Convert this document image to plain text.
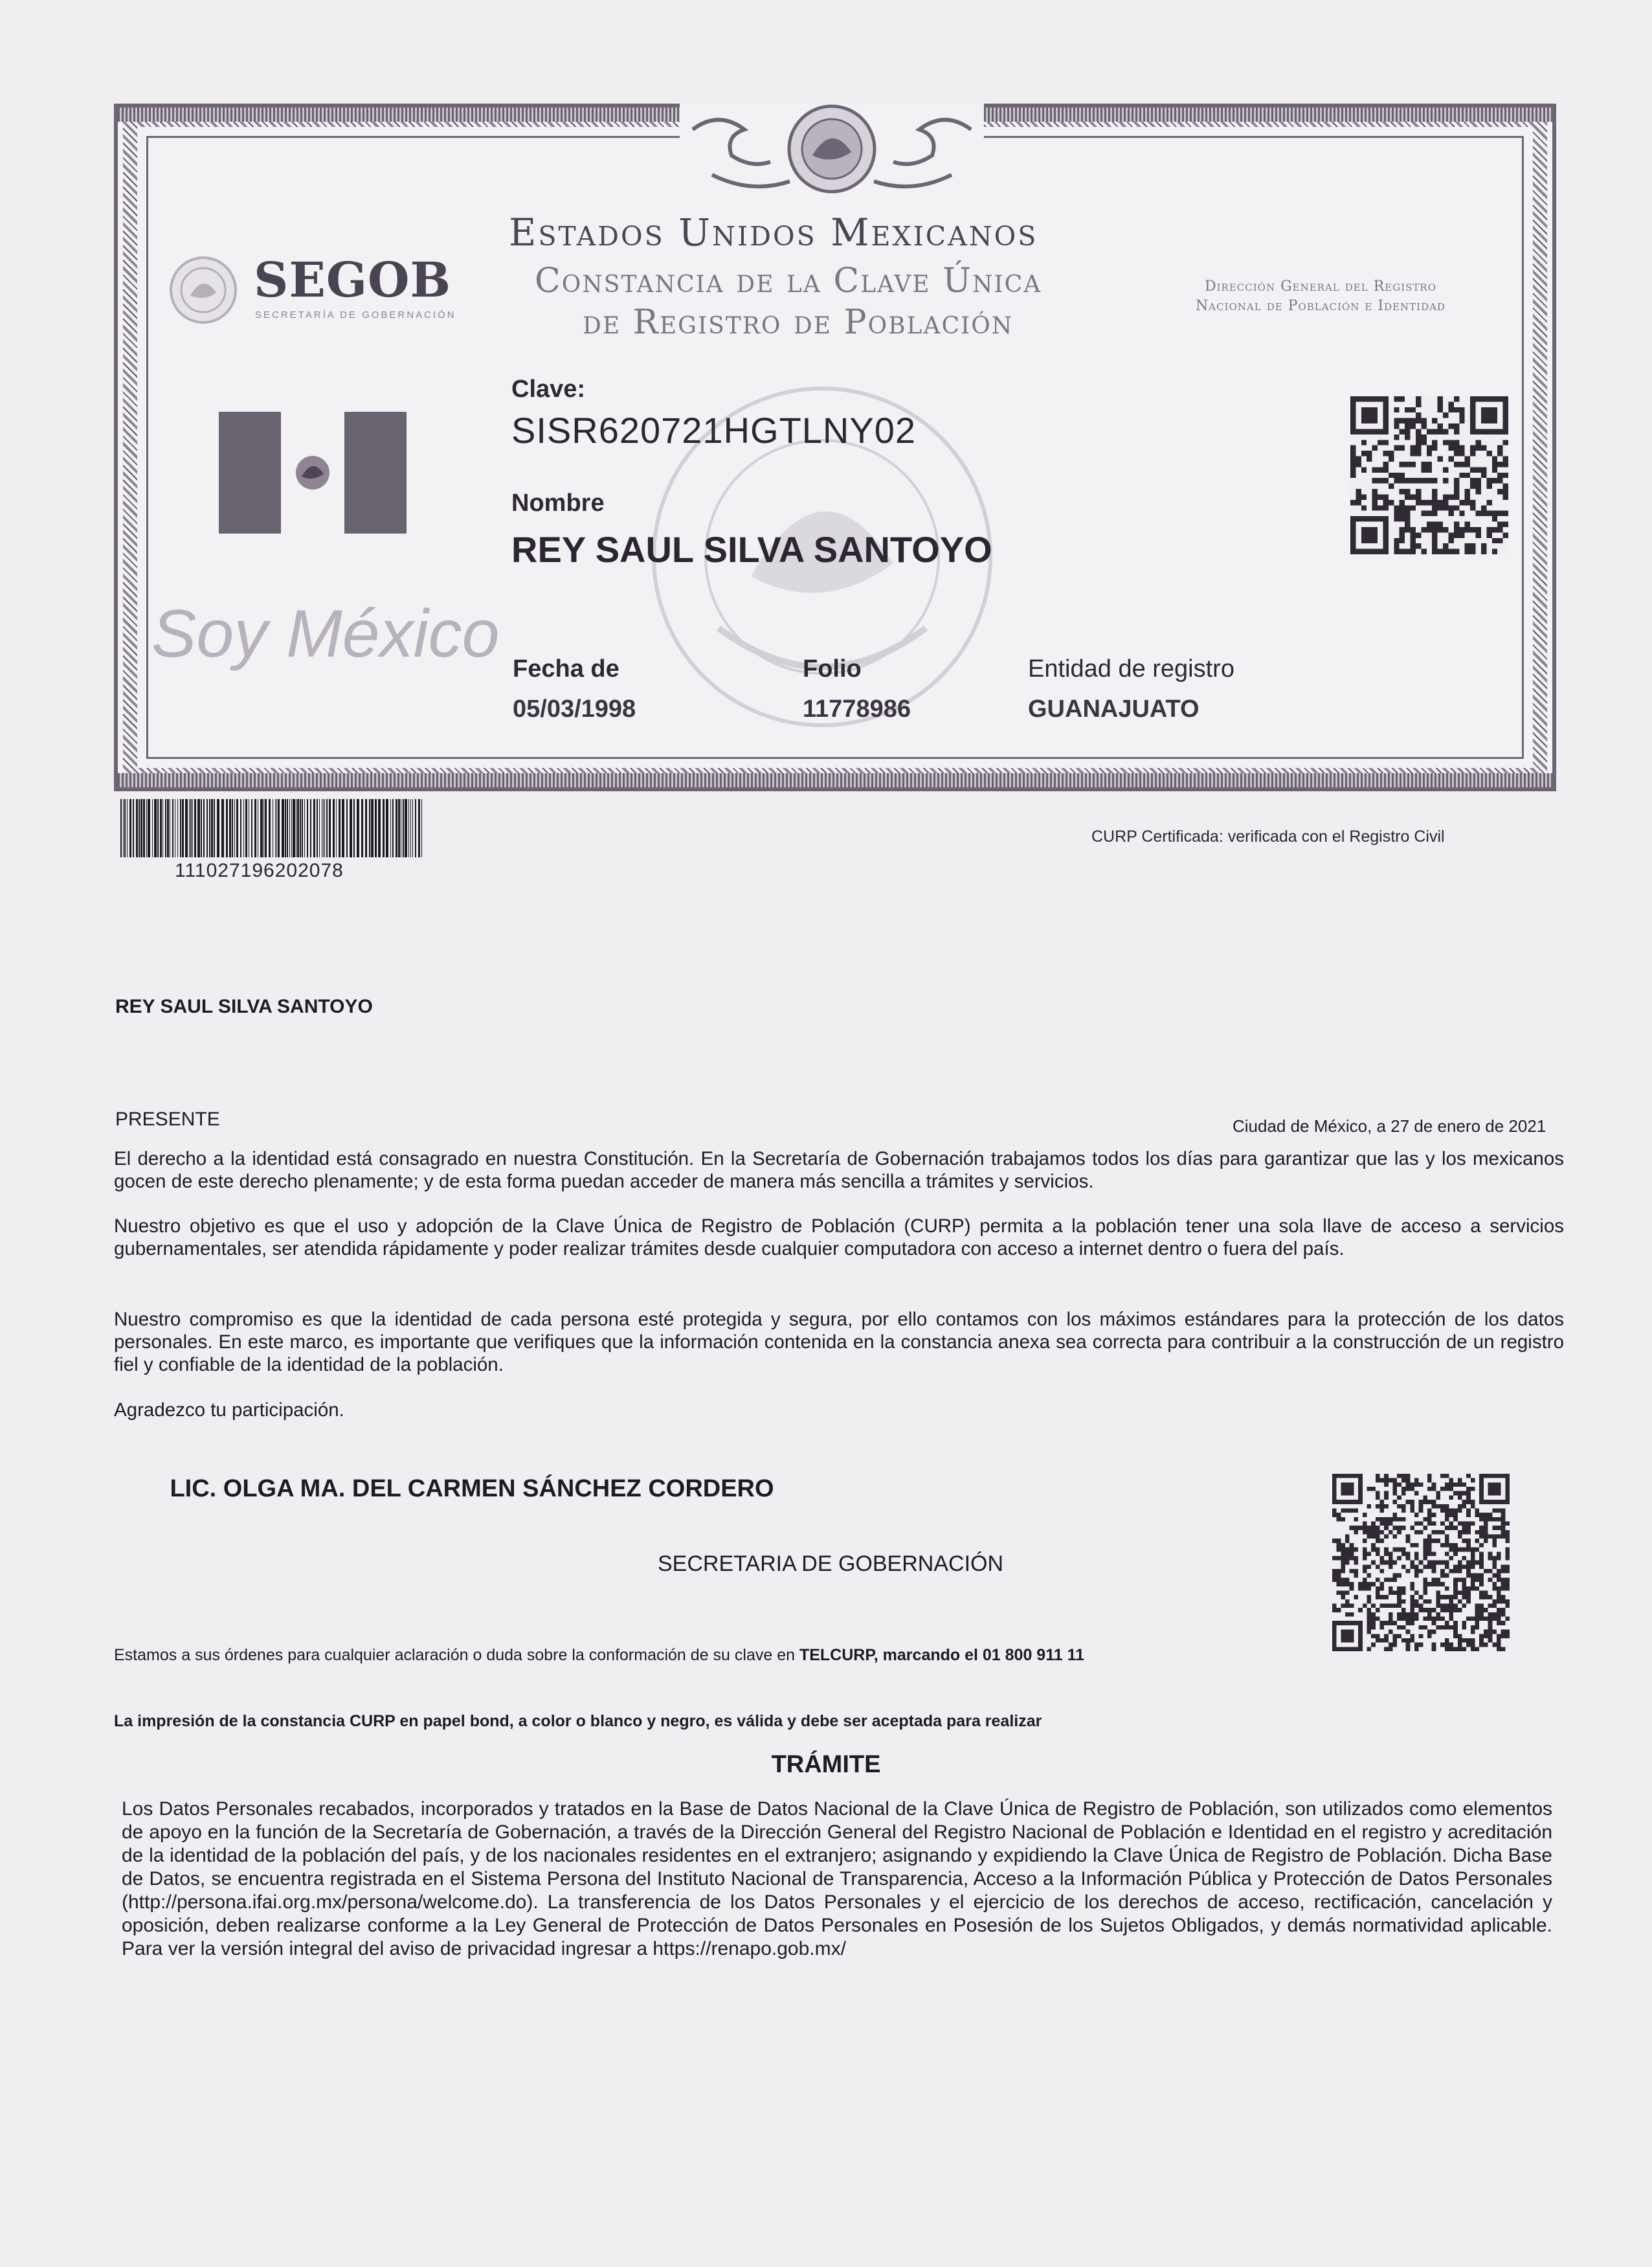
Estados Unidos Mexicanos
Constancia de la Clave Única
de Registro de Población
SEGOB
SECRETARÍA DE GOBERNACIÓN
Dirección General del Registro Nacional de Población e Identidad
Soy México
Clave:
SISR620721HGTLNY02
Nombre
REY SAUL SILVA SANTOYO
Fecha de
05/03/1998
Folio
11778986
Entidad de registro
GUANAJUATO
111027196202078
CURP Certificada: verificada con el Registro Civil
REY SAUL SILVA SANTOYO
PRESENTE	Ciudad de México, a 27 de enero de 2021

El derecho a la identidad está consagrado en nuestra Constitución. En la Secretaría de Gobernación trabajamos todos los días para garantizar que las y los mexicanos gocen de este derecho plenamente; y de esta forma puedan acceder de manera más sencilla a trámites y servicios.

Nuestro objetivo es que el uso y adopción de la Clave Única de Registro de Población (CURP) permita a la población tener una sola llave de acceso a servicios gubernamentales, ser atendida rápidamente y poder realizar trámites desde cualquier computadora con acceso a internet dentro o fuera del país.

Nuestro compromiso es que la identidad de cada persona esté protegida y segura, por ello contamos con los máximos estándares para la protección de los datos personales. En este marco, es importante que verifiques que la información contenida en la constancia anexa sea correcta para contribuir a la construcción de un registro fiel y confiable de la identidad de la población.

Agradezco tu participación.

LIC. OLGA MA. DEL CARMEN SÁNCHEZ CORDERO
SECRETARIA DE GOBERNACIÓN
Estamos a sus órdenes para cualquier aclaración o duda sobre la conformación de su clave en TELCURP, marcando el 01 800 911 11
La impresión de la constancia CURP en papel bond, a color o blanco y negro, es válida y debe ser aceptada para realizar
TRÁMITE

Los Datos Personales recabados, incorporados y tratados en la Base de Datos Nacional de la Clave Única de Registro de Población, son utilizados como elementos de apoyo en la función de la Secretaría de Gobernación, a través de la Dirección General del Registro Nacional de Población e Identidad en el registro y acreditación de la identidad de la población del país, y de los nacionales residentes en el extranjero; asignando y expidiendo la Clave Única de Registro de Población. Dicha Base de Datos, se encuentra registrada en el Sistema Persona del Instituto Nacional de Transparencia, Acceso a la Información Pública y Protección de Datos Personales (http://persona.ifai.org.mx/persona/welcome.do). La transferencia de los Datos Personales y el ejercicio de los derechos de acceso, rectificación, cancelación y oposición, deben realizarse conforme a la Ley General de Protección de Datos Personales en Posesión de los Sujetos Obligados, y demás normatividad aplicable. Para ver la versión integral del aviso de privacidad ingresar a https://renapo.gob.mx/
